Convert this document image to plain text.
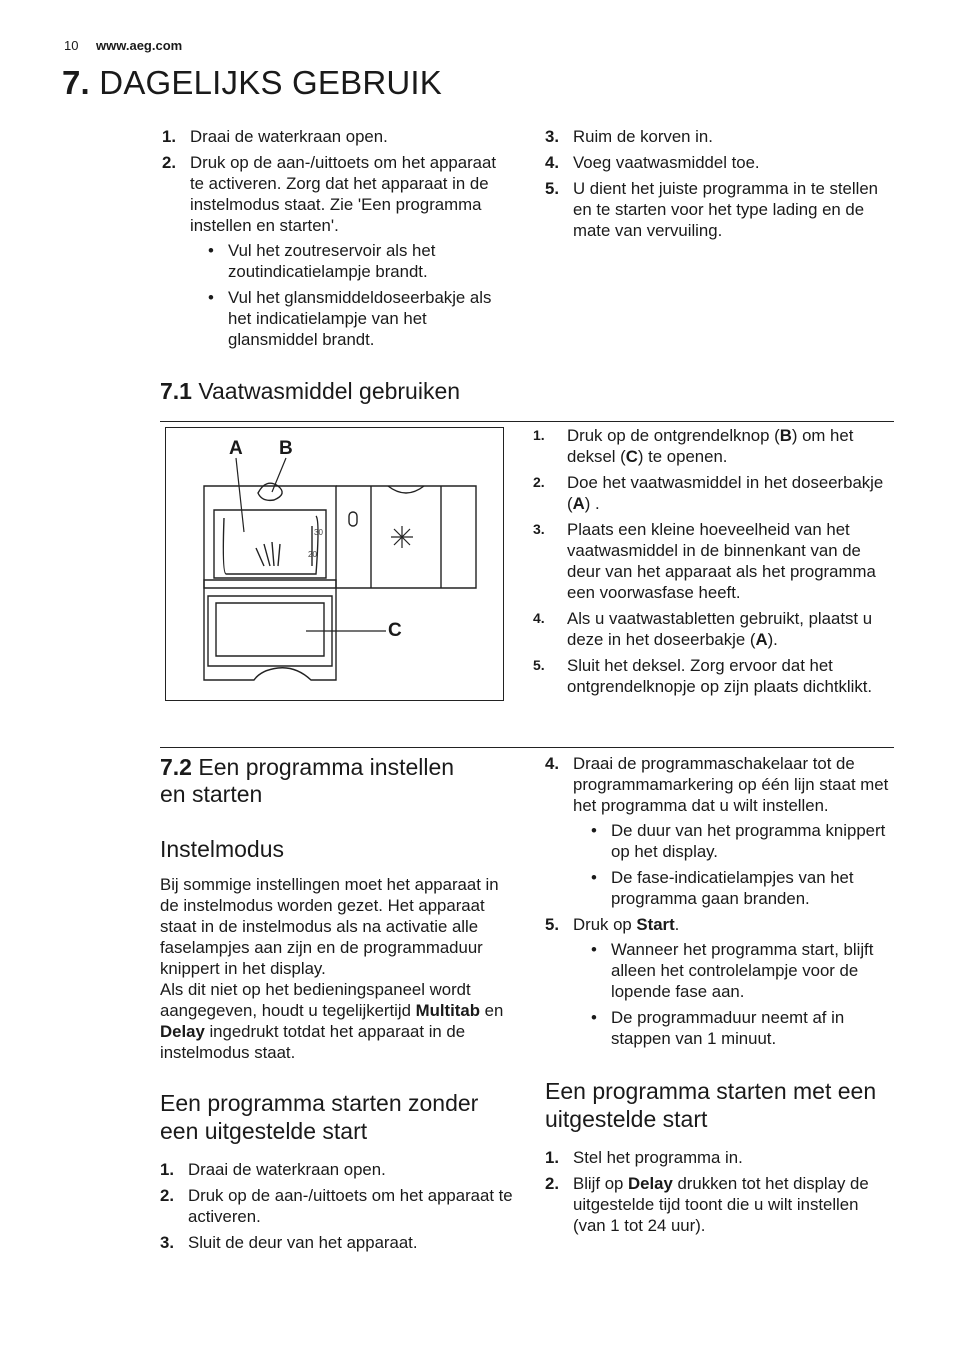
10 www.aeg.com
7. DAGELIJKS GEBRUIK
1. Draai de waterkraan open.
2. Druk op de aan-/uittoets om het apparaat te activeren. Zorg dat het apparaat in de instelmodus staat. Zie 'Een programma instellen en starten'.
• Vul het zoutreservoir als het zoutindicatielampje brandt.
• Vul het glansmiddeldoseerbakje als het indicatielampje van het glansmiddel brandt.
3. Ruim de korven in.
4. Voeg vaatwasmiddel toe.
5. U dient het juiste programma in te stellen en te starten voor het type lading en de mate van vervuiling.
7.1 Vaatwasmiddel gebruiken
A B
C
30
20
1. Druk op de ontgrendelknop (B) om het deksel (C) te openen.
2. Doe het vaatwasmiddel in het doseerbakje (A) .
3. Plaats een kleine hoeveelheid van het vaatwasmiddel in de binnenkant van de deur van het apparaat als het programma een voorwasfase heeft.
4. Als u vaatwastabletten gebruikt, plaatst u deze in het doseerbakje (A).
5. Sluit het deksel. Zorg ervoor dat het ontgrendelknopje op zijn plaats dichtklikt.
7.2 Een programma instellen
en starten
Instelmodus

Bij sommige instellingen moet het apparaat in de instelmodus worden gezet. Het apparaat staat in de instelmodus als na activatie alle faselampjes aan zijn en de programmaduur knippert in het display.

Als dit niet op het bedieningspaneel wordt aangegeven, houdt u tegelijkertijd Multitab en Delay ingedrukt totdat het apparaat in de instelmodus staat.

Een programma starten zonder een uitgestelde start
1. Draai de waterkraan open.
2. Druk op de aan-/uittoets om het apparaat te activeren.
3. Sluit de deur van het apparaat.
4. Draai de programmaschakelaar tot de programmamarkering op één lijn staat met het programma dat u wilt instellen.
• De duur van het programma knippert op het display.
• De fase-indicatielampjes van het programma gaan branden.
5. Druk op Start.
• Wanneer het programma start, blijft alleen het controlelampje voor de lopende fase aan.
• De programmaduur neemt af in stappen van 1 minuut.
Een programma starten met een uitgestelde start
1. Stel het programma in.
2. Blijf op Delay drukken tot het display de uitgestelde tijd toont die u wilt instellen (van 1 tot 24 uur).
